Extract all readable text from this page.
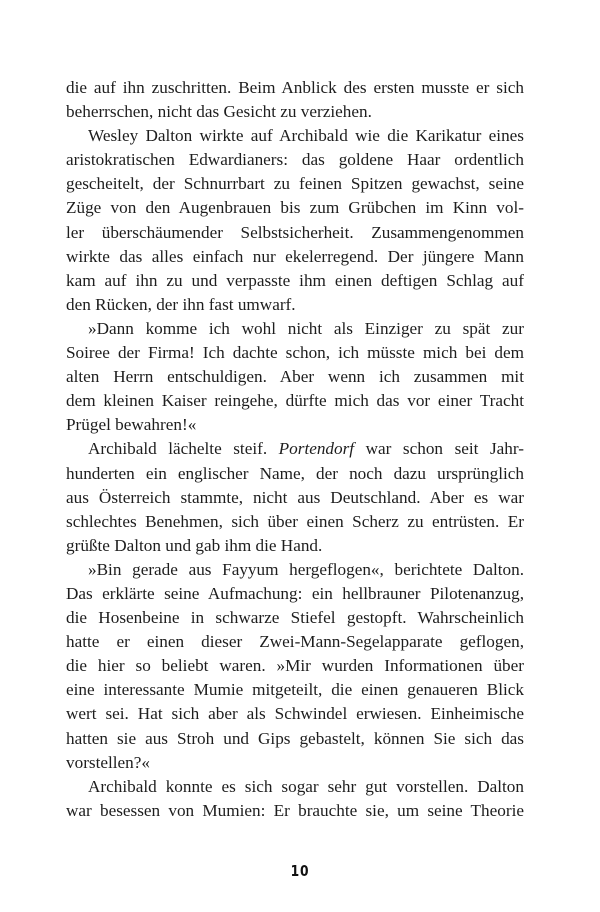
die auf ihn zuschritten. Beim Anblick des ersten musste er sich
beherrschen, nicht das Gesicht zu verziehen.

Wesley Dalton wirkte auf Archibald wie die Karikatur eines
aristokratischen Edwardianers: das goldene Haar ordentlich
gescheitelt, der Schnurrbart zu feinen Spitzen gewachst, seine
Züge von den Augenbrauen bis zum Grübchen im Kinn vol-
ler überschäumender Selbstsicherheit. Zusammengenommen
wirkte das alles einfach nur ekelerregend. Der jüngere Mann
kam auf ihn zu und verpasste ihm einen deftigen Schlag auf
den Rücken, der ihn fast umwarf.

»Dann komme ich wohl nicht als Einziger zu spät zur
Soiree der Firma! Ich dachte schon, ich müsste mich bei dem
alten Herrn entschuldigen. Aber wenn ich zusammen mit
dem kleinen Kaiser reingehe, dürfte mich das vor einer Tracht
Prügel bewahren!«

Archibald lächelte steif. Portendorf war schon seit Jahr-
hunderten ein englischer Name, der noch dazu ursprünglich
aus Österreich stammte, nicht aus Deutschland. Aber es war
schlechtes Benehmen, sich über einen Scherz zu entrüsten. Er
grüßte Dalton und gab ihm die Hand.

»Bin gerade aus Fayyum hergeflogen«, berichtete Dalton.
Das erklärte seine Aufmachung: ein hellbrauner Pilotenanzug,
die Hosenbeine in schwarze Stiefel gestopft. Wahrscheinlich
hatte er einen dieser Zwei-Mann-Segelapparate geflogen,
die hier so beliebt waren. »Mir wurden Informationen über
eine interessante Mumie mitgeteilt, die einen genaueren Blick
wert sei. Hat sich aber als Schwindel erwiesen. Einheimische
hatten sie aus Stroh und Gips gebastelt, können Sie sich das
vorstellen?«

Archibald konnte es sich sogar sehr gut vorstellen. Dalton
war besessen von Mumien: Er brauchte sie, um seine Theorie

10
